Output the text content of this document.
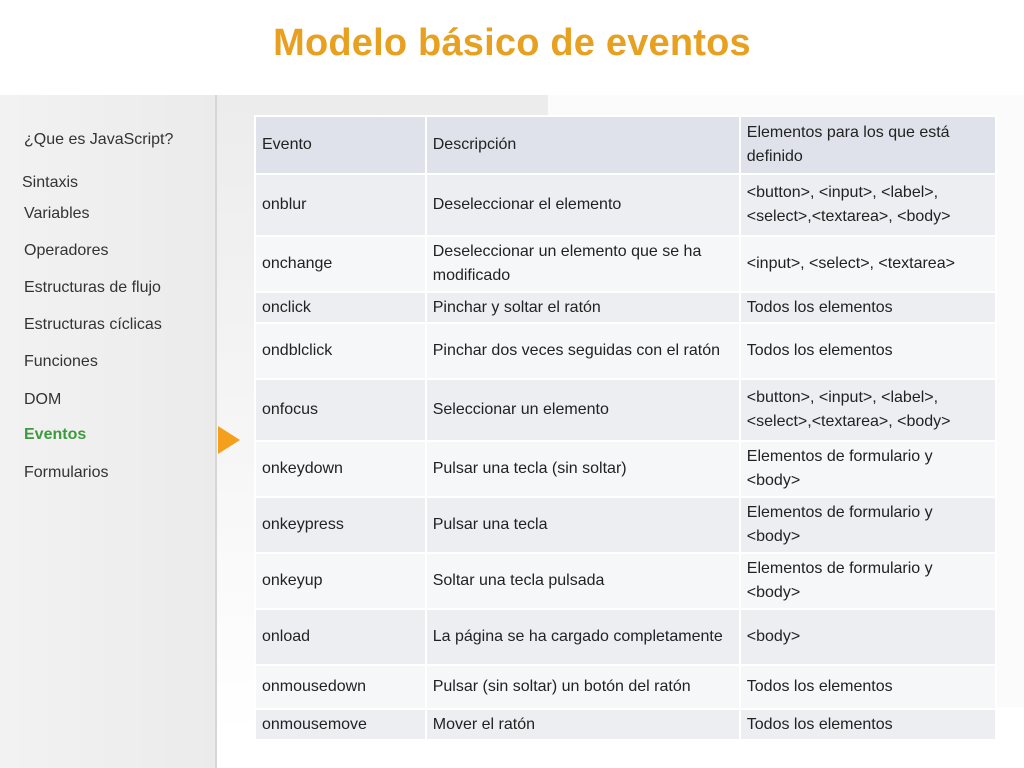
Modelo básico de eventos
¿Que es JavaScript?
Sintaxis
Variables
Operadores
Estructuras de flujo
Estructuras cíclicas
Funciones
DOM
Eventos
Formularios
Evento	Descripción	Elementos para los que está definido
onblur	Deseleccionar el elemento	<button>, <input>, <label>, <select>,<textarea>, <body>
onchange	Deseleccionar un elemento que se ha modificado	<input>, <select>, <textarea>
onclick	Pinchar y soltar el ratón	Todos los elementos
ondblclick	Pinchar dos veces seguidas con el ratón	Todos los elementos
onfocus	Seleccionar un elemento	<button>, <input>, <label>, <select>,<textarea>, <body>
onkeydown	Pulsar una tecla (sin soltar)	Elementos de formulario y <body>
onkeypress	Pulsar una tecla	Elementos de formulario y <body>
onkeyup	Soltar una tecla pulsada	Elementos de formulario y <body>
onload	La página se ha cargado completamente	<body>
onmousedown	Pulsar (sin soltar) un botón del ratón	Todos los elementos
onmousemove	Mover el ratón	Todos los elementos
